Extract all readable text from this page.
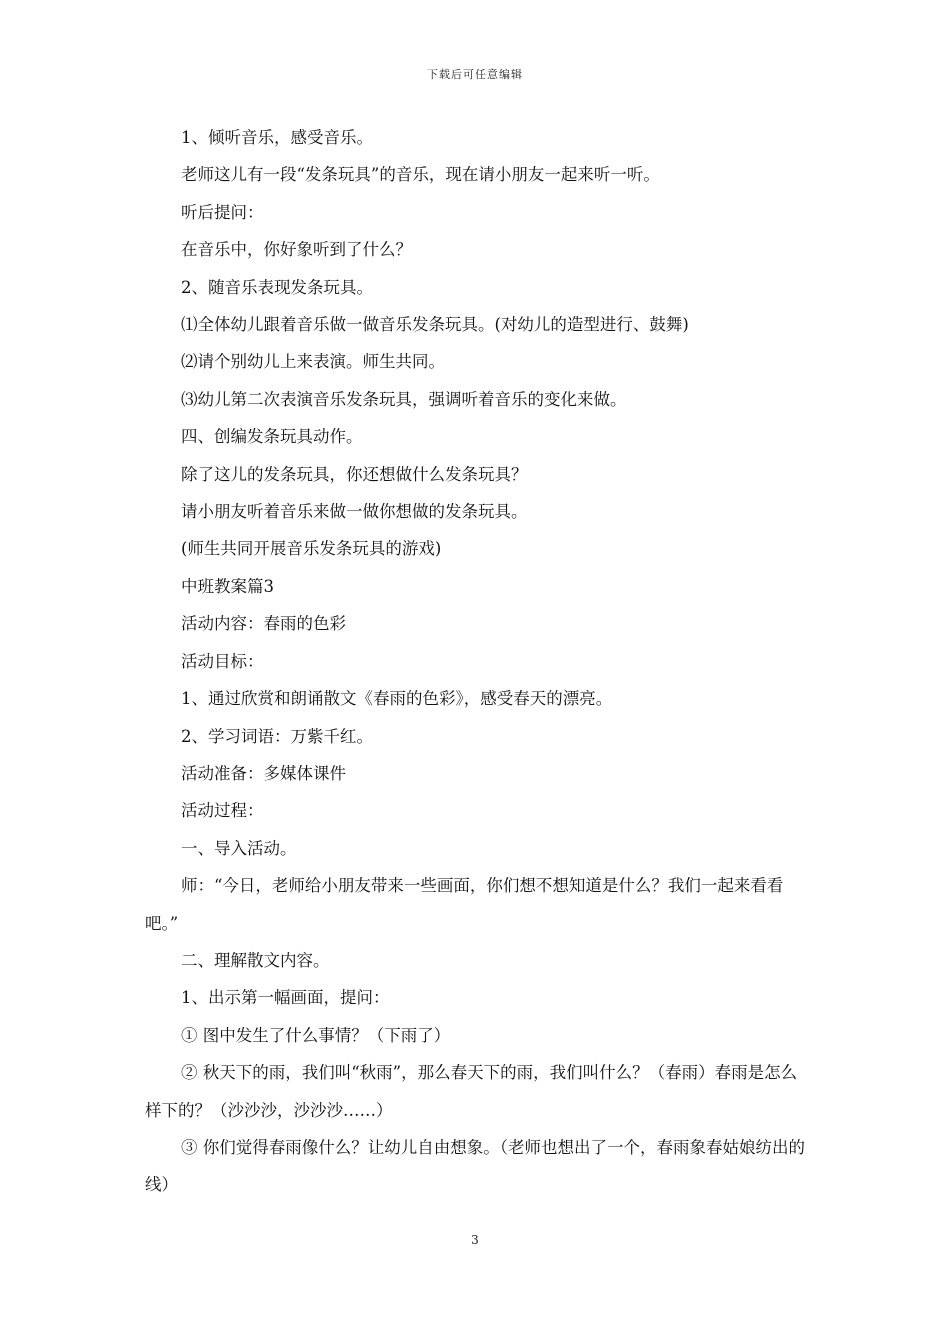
下载后可任意编辑

1、倾听音乐，感受音乐。

老师这儿有一段“发条玩具”的音乐，现在请小朋友一起来听一听。

听后提问：

在音乐中，你好象听到了什么？

2、随音乐表现发条玩具。

⑴全体幼儿跟着音乐做一做音乐发条玩具。(对幼儿的造型进行、鼓舞)

⑵请个别幼儿上来表演。师生共同。

⑶幼儿第二次表演音乐发条玩具，强调听着音乐的变化来做。

四、创编发条玩具动作。

除了这儿的发条玩具，你还想做什么发条玩具？

请小朋友听着音乐来做一做你想做的发条玩具。

(师生共同开展音乐发条玩具的游戏)

中班教案篇3

活动内容：春雨的色彩

活动目标：

1、通过欣赏和朗诵散文《春雨的色彩》，感受春天的漂亮。

2、学习词语：万紫千红。

活动准备：多媒体课件

活动过程：

一、导入活动。

师：“今日，老师给小朋友带来一些画面，你们想不想知道是什么？我们一起来看看吧。”

二、理解散文内容。

1、出示第一幅画面，提问：

① 图中发生了什么事情？（下雨了）

② 秋天下的雨，我们叫“秋雨”，那么春天下的雨，我们叫什么？（春雨）春雨是怎么样下的？（沙沙沙，沙沙沙……）

③ 你们觉得春雨像什么？让幼儿自由想象。（老师也想出了一个，春雨象春姑娘纺出的线）

3
